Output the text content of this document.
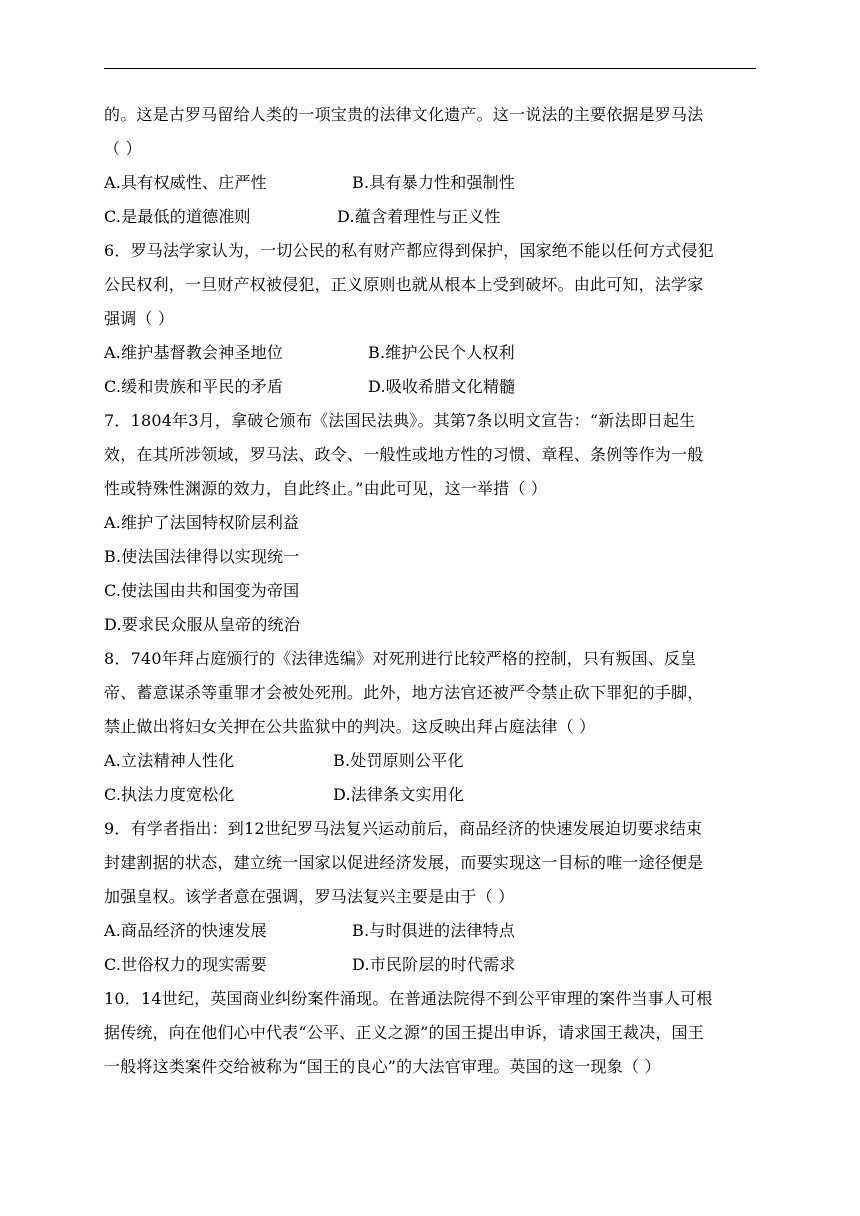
的。这是古罗马留给人类的一项宝贵的法律文化遗产。这一说法的主要依据是罗马法
（ ）
A.具有权威性、庄严性	B.具有暴力性和强制性
C.是最低的道德准则	D.蕴含着理性与正义性
6．罗马法学家认为，一切公民的私有财产都应得到保护，国家绝不能以任何方式侵犯
公民权利，一旦财产权被侵犯，正义原则也就从根本上受到破坏。由此可知，法学家
强调（ ）
A.维护基督教会神圣地位	B.维护公民个人权利
C.缓和贵族和平民的矛盾	D.吸收希腊文化精髓
7．1804年3月，拿破仑颁布《法国民法典》。其第7条以明文宣告：“新法即日起生
效，在其所涉领域，罗马法、政令、一般性或地方性的习惯、章程、条例等作为一般
性或特殊性渊源的效力，自此终止。”由此可见，这一举措（ ）
A.维护了法国特权阶层利益
B.使法国法律得以实现统一
C.使法国由共和国变为帝国
D.要求民众服从皇帝的统治
8．740年拜占庭颁行的《法律选编》对死刑进行比较严格的控制，只有叛国、反皇
帝、蓄意谋杀等重罪才会被处死刑。此外，地方法官还被严令禁止砍下罪犯的手脚，
禁止做出将妇女关押在公共监狱中的判决。这反映出拜占庭法律（ ）
A.立法精神人性化	B.处罚原则公平化
C.执法力度宽松化	D.法律条文实用化
9．有学者指出：到12世纪罗马法复兴运动前后，商品经济的快速发展迫切要求结束
封建割据的状态，建立统一国家以促进经济发展，而要实现这一目标的唯一途径便是
加强皇权。该学者意在强调，罗马法复兴主要是由于（ ）
A.商品经济的快速发展	B.与时俱进的法律特点
C.世俗权力的现实需要	D.市民阶层的时代需求
10．14世纪，英国商业纠纷案件涌现。在普通法院得不到公平审理的案件当事人可根
据传统，向在他们心中代表“公平、正义之源”的国王提出申诉，请求国王裁决，国王
一般将这类案件交给被称为“国王的良心”的大法官审理。英国的这一现象（ ）
